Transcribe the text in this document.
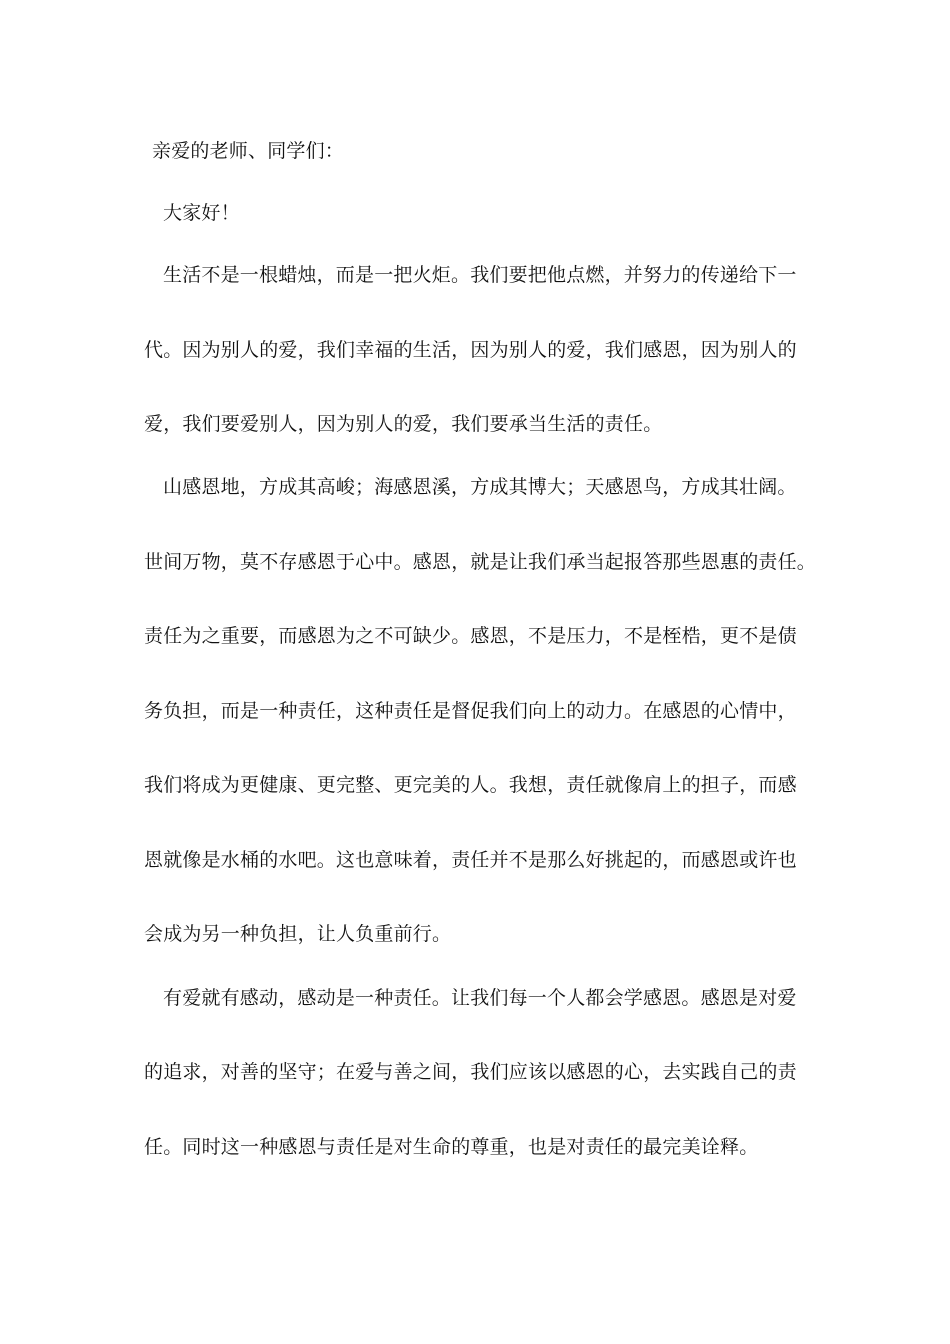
亲爱的老师、同学们：
大家好！
生活不是一根蜡烛，而是一把火炬。我们要把他点燃，并努力的传递给下一
代。因为别人的爱，我们幸福的生活，因为别人的爱，我们感恩，因为别人的
爱，我们要爱别人，因为别人的爱，我们要承当生活的责任。
山感恩地，方成其高峻；海感恩溪，方成其博大；天感恩鸟，方成其壮阔。
世间万物，莫不存感恩于心中。感恩，就是让我们承当起报答那些恩惠的责任。
责任为之重要，而感恩为之不可缺少。感恩，不是压力，不是桎梏，更不是债
务负担，而是一种责任，这种责任是督促我们向上的动力。在感恩的心情中，
我们将成为更健康、更完整、更完美的人。我想，责任就像肩上的担子，而感
恩就像是水桶的水吧。这也意味着，责任并不是那么好挑起的，而感恩或许也
会成为另一种负担，让人负重前行。
有爱就有感动，感动是一种责任。让我们每一个人都会学感恩。感恩是对爱
的追求，对善的坚守；在爱与善之间，我们应该以感恩的心，去实践自己的责
任。同时这一种感恩与责任是对生命的尊重，也是对责任的最完美诠释。
